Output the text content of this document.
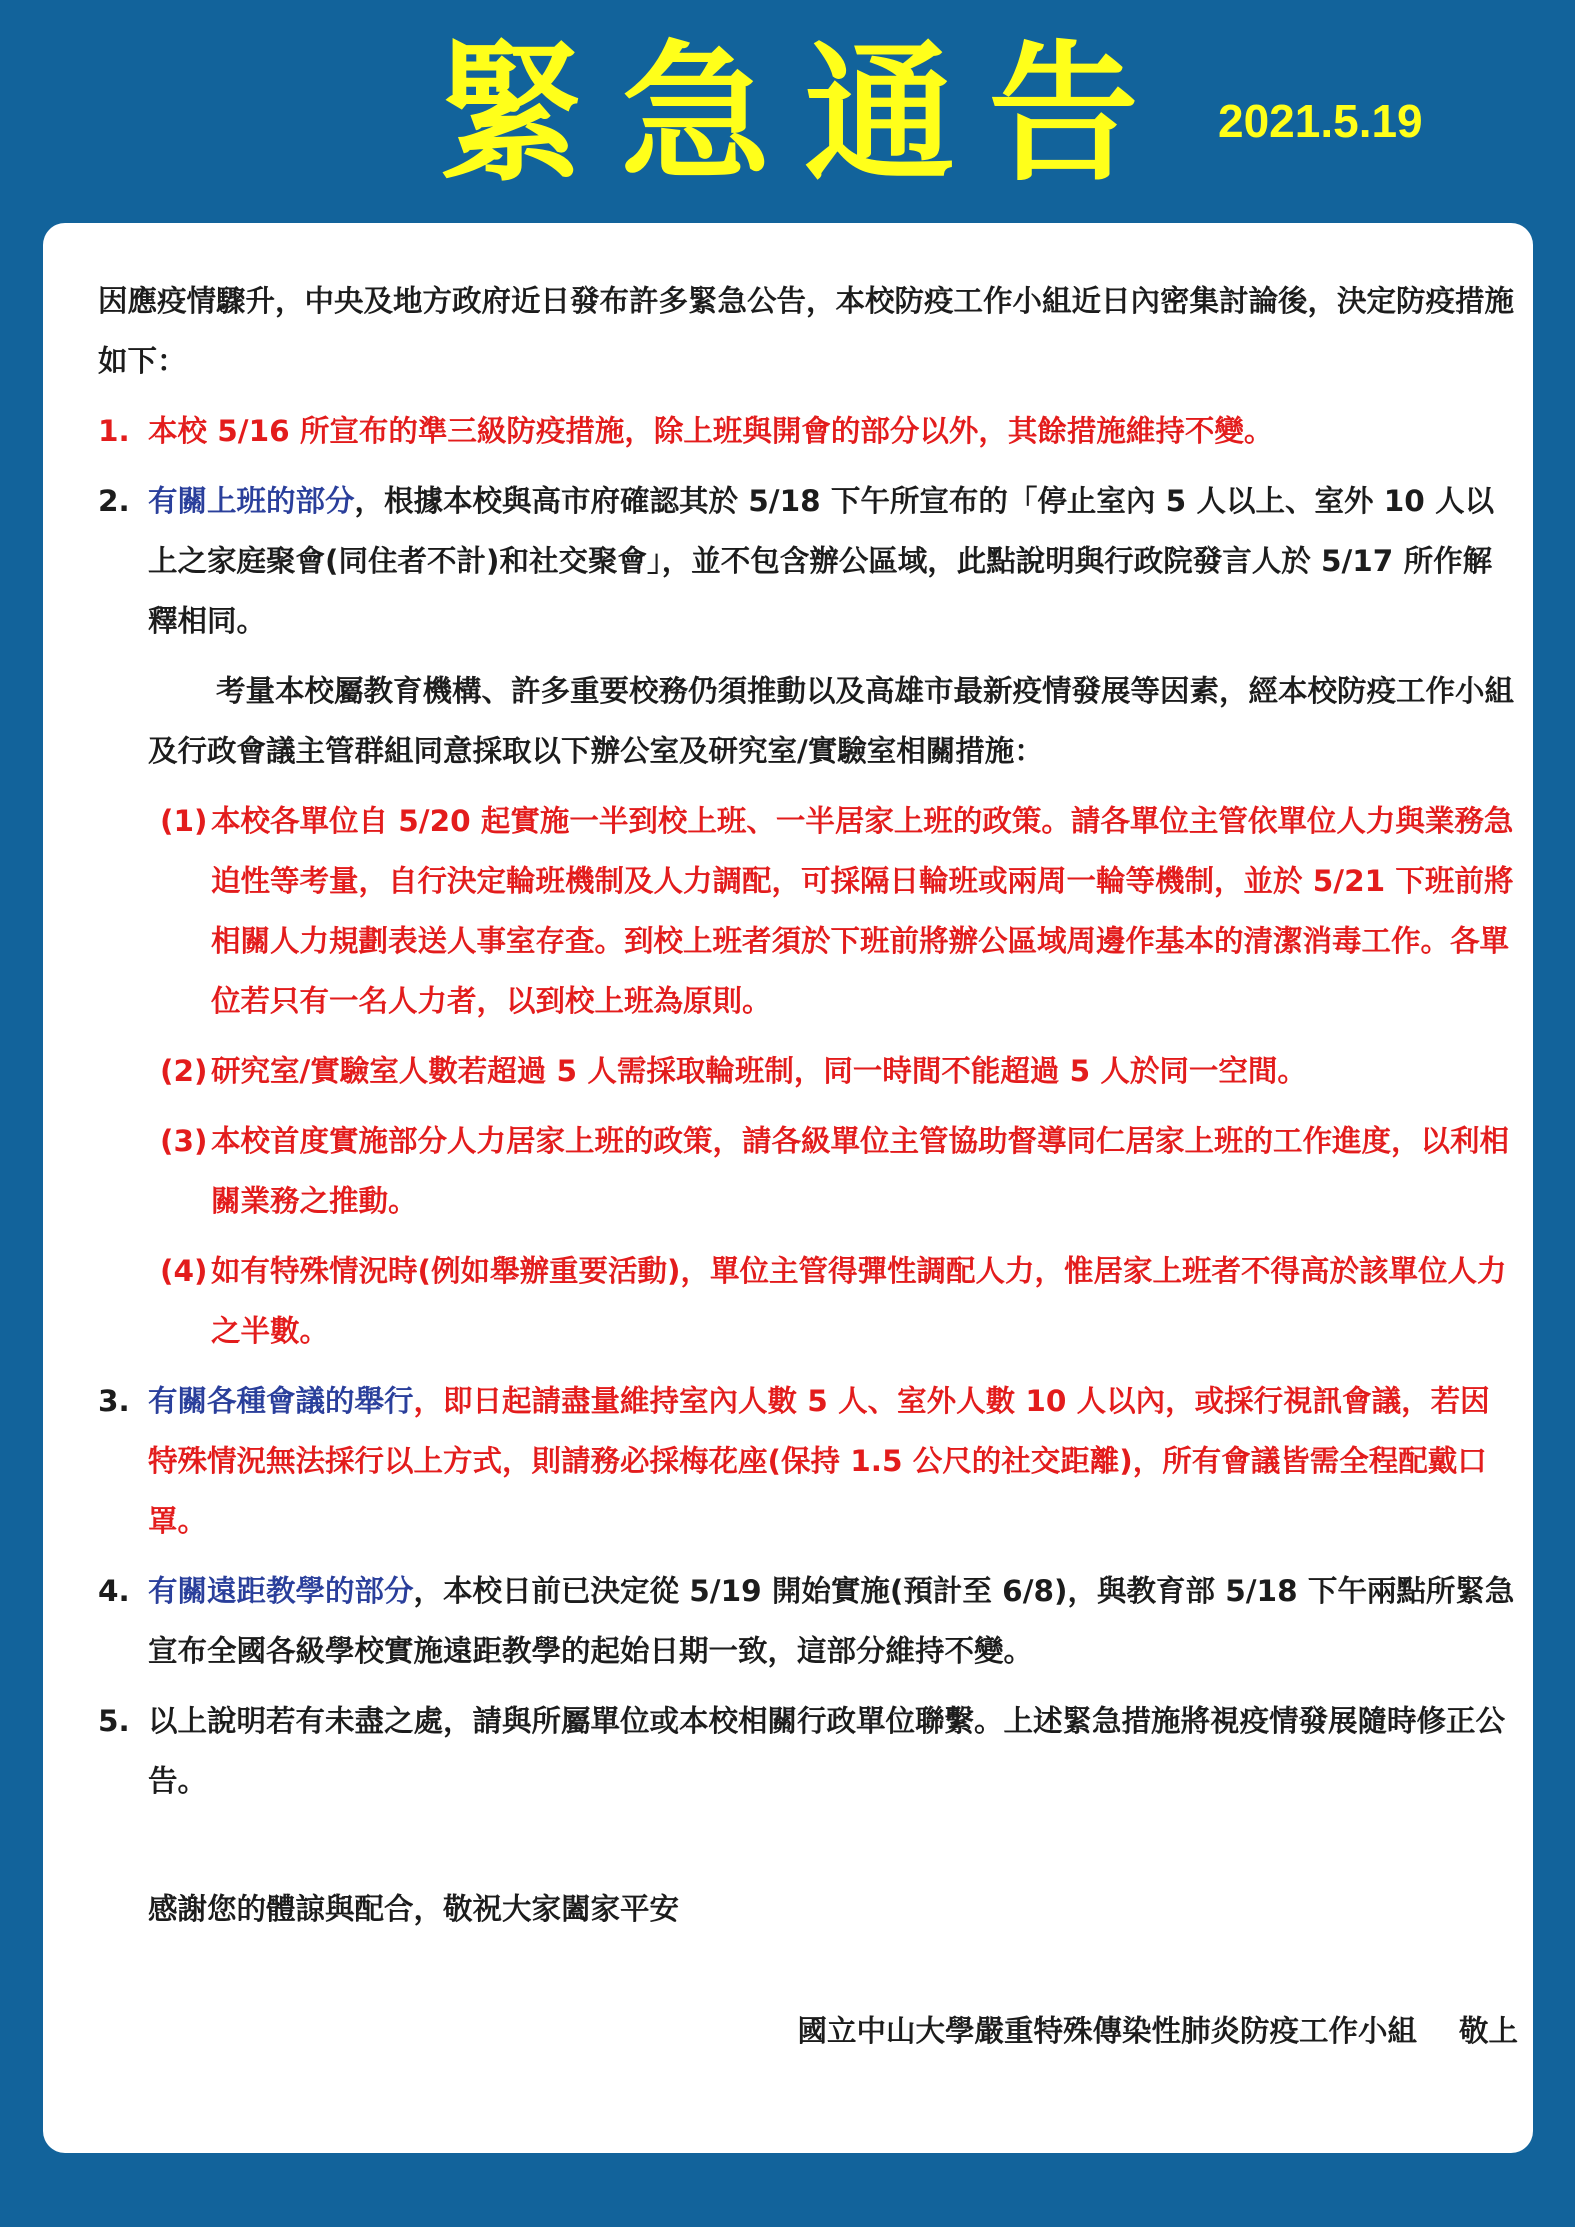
緊急通告 2021.5.19

因應疫情驟升，中央及地方政府近日發布許多緊急公告，本校防疫工作小組近日內密集討論後，決定防疫措施如下：

1. 本校 5/16 所宣布的準三級防疫措施，除上班與開會的部分以外，其餘措施維持不變。

2. 有關上班的部分，根據本校與高市府確認其於 5/18 下午所宣布的「停止室內 5 人以上、室外 10 人以上之家庭聚會(同住者不計)和社交聚會」，並不包含辦公區域，此點說明與行政院發言人於 5/17 所作解釋相同。

考量本校屬教育機構、許多重要校務仍須推動以及高雄市最新疫情發展等因素，經本校防疫工作小組及行政會議主管群組同意採取以下辦公室及研究室/實驗室相關措施：

(1) 本校各單位自 5/20 起實施一半到校上班、一半居家上班的政策。請各單位主管依單位人力與業務急迫性等考量，自行決定輪班機制及人力調配，可採隔日輪班或兩周一輪等機制，並於 5/21 下班前將相關人力規劃表送人事室存查。到校上班者須於下班前將辦公區域周邊作基本的清潔消毒工作。各單位若只有一名人力者，以到校上班為原則。

(2) 研究室/實驗室人數若超過 5 人需採取輪班制，同一時間不能超過 5 人於同一空間。

(3) 本校首度實施部分人力居家上班的政策，請各級單位主管協助督導同仁居家上班的工作進度，以利相關業務之推動。

(4) 如有特殊情況時(例如舉辦重要活動)，單位主管得彈性調配人力，惟居家上班者不得高於該單位人力之半數。

3. 有關各種會議的舉行，即日起請盡量維持室內人數 5 人、室外人數 10 人以內，或採行視訊會議，若因特殊情況無法採行以上方式，則請務必採梅花座(保持 1.5 公尺的社交距離)，所有會議皆需全程配戴口罩。

4. 有關遠距教學的部分，本校日前已決定從 5/19 開始實施(預計至 6/8)，與教育部 5/18 下午兩點所緊急宣布全國各級學校實施遠距教學的起始日期一致，這部分維持不變。

5. 以上說明若有未盡之處，請與所屬單位或本校相關行政單位聯繫。上述緊急措施將視疫情發展隨時修正公告。

感謝您的體諒與配合，敬祝大家闔家平安

國立中山大學嚴重特殊傳染性肺炎防疫工作小組 敬上
